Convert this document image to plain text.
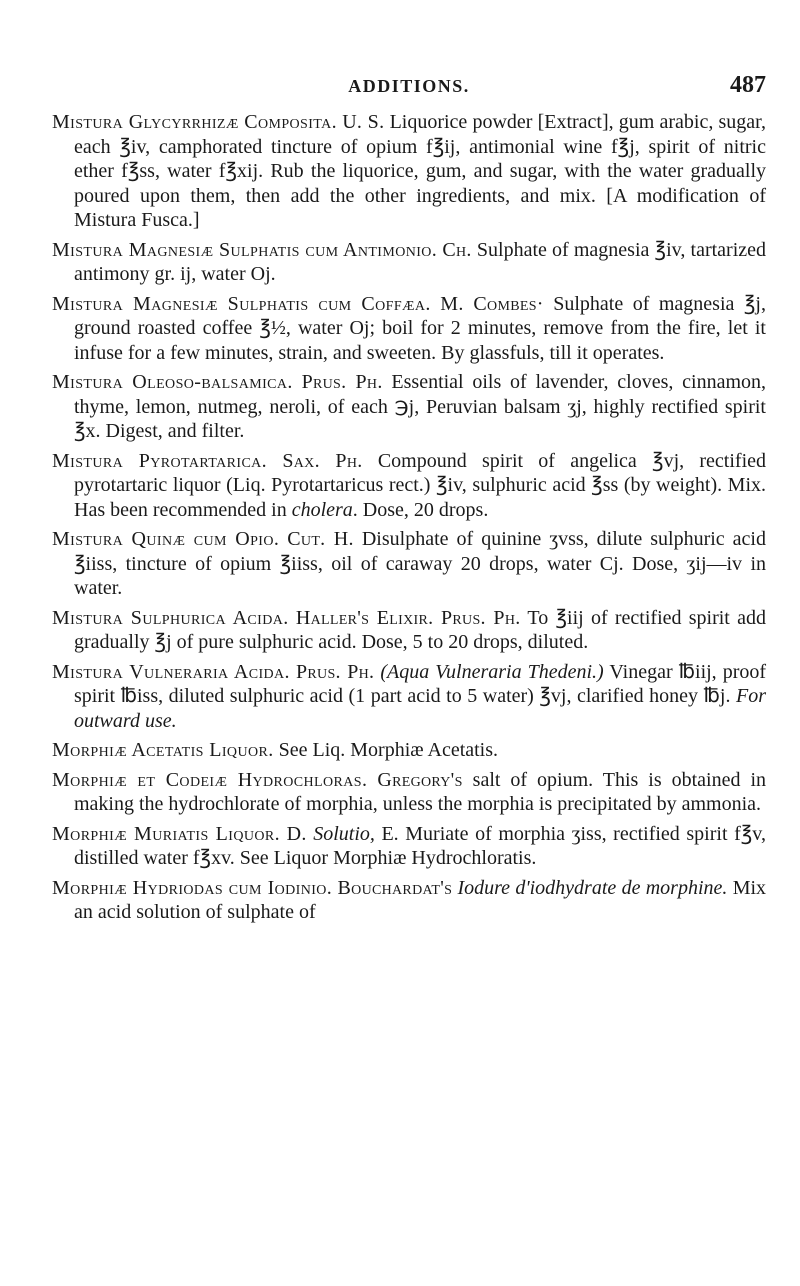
ADDITIONS.	487

Mistura Glycyrrhizæ Composita. U. S. Liquorice powder [Extract], gum arabic, sugar, each ℥iv, camphorated tincture of opium f℥ij, antimonial wine f℥j, spirit of nitric ether f℥ss, water f℥xij. Rub the liquorice, gum, and sugar, with the water gradually poured upon them, then add the other ingredients, and mix. [A modification of Mistura Fusca.]

Mistura Magnesiæ Sulphatis cum Antimonio. Ch. Sulphate of magnesia ℥iv, tartarized antimony gr. ij, water Oj.

Mistura Magnesiæ Sulphatis cum Coffæa. M. Combes· Sulphate of magnesia ℥j, ground roasted coffee ℥½, water Oj; boil for 2 minutes, remove from the fire, let it infuse for a few minutes, strain, and sweeten. By glassfuls, till it operates.

Mistura Oleoso-balsamica. Prus. Ph. Essential oils of lavender, cloves, cinnamon, thyme, lemon, nutmeg, neroli, of each ℈j, Peruvian balsam ʒj, highly rectified spirit ℥x. Digest, and filter.

Mistura Pyrotartarica. Sax. Ph. Compound spirit of angelica ℥vj, rectified pyrotartaric liquor (Liq. Pyrotartaricus rect.) ℥iv, sulphuric acid ℥ss (by weight). Mix. Has been recommended in cholera. Dose, 20 drops.

Mistura Quinæ cum Opio. Cut. H. Disulphate of quinine ʒvss, dilute sulphuric acid ℥iiss, tincture of opium ℥iiss, oil of caraway 20 drops, water Cj. Dose, ʒij—iv in water.

Mistura Sulphurica Acida. Haller's Elixir. Prus. Ph. To ℥iij of rectified spirit add gradually ℥j of pure sulphuric acid. Dose, 5 to 20 drops, diluted.

Mistura Vulneraria Acida. Prus. Ph. (Aqua Vulneraria Thedeni.) Vinegar ℔iij, proof spirit ℔iss, diluted sulphuric acid (1 part acid to 5 water) ℥vj, clarified honey ℔j. For outward use.

Morphiæ Acetatis Liquor. See Liq. Morphiæ Acetatis.

Morphiæ et Codeiæ Hydrochloras. Gregory's salt of opium. This is obtained in making the hydrochlorate of morphia, unless the morphia is precipitated by ammonia.

Morphiæ Muriatis Liquor. D. Solutio, E. Muriate of morphia ʒiss, rectified spirit f℥v, distilled water f℥xv. See Liquor Morphiæ Hydrochloratis.

Morphiæ Hydriodas cum Iodinio. Bouchardat's Iodure d'iodhydrate de morphine. Mix an acid solution of sulphate of
